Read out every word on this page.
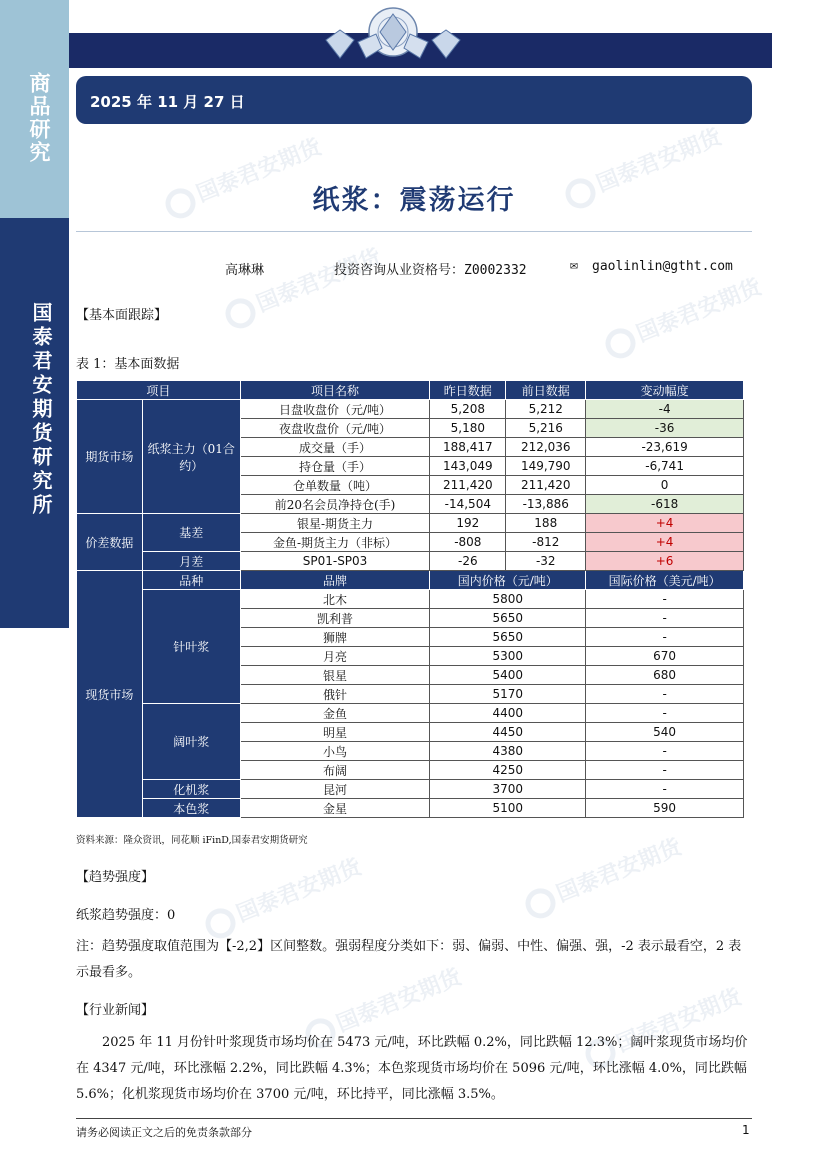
商品研究
国泰君安期货研究所
2025 年 11 月 27 日
国泰君安期货	国泰君安期货
国泰君安期货	国泰君安期货
国泰君安期货	国泰君安期货
国泰君安期货	国泰君安期货
纸浆：震荡运行
高琳琳	投资咨询从业资格号：Z0002332	✉ gaolinlin@gtht.com
【基本面跟踪】
表 1：基本面数据
项目		项目名称	昨日数据	前日数据	变动幅度
期货市场	纸浆主力（01合约）	日盘收盘价（元/吨）	5,208	5,212	-4
		夜盘收盘价（元/吨）	5,180	5,216	-36
		成交量（手）	188,417	212,036	-23,619
		持仓量（手）	143,049	149,790	-6,741
		仓单数量（吨）	211,420	211,420	0
		前20名会员净持仓(手)	-14,504	-13,886	-618
价差数据	基差	银星-期货主力	192	188	+4
		金鱼-期货主力（非标）	-808	-812	+4
	月差	SP01-SP03	-26	-32	+6
现货市场	品种	品牌	国内价格（元/吨）		国际价格（美元/吨）
	针叶浆	北木	5800		-
		凯利普	5650		-
		狮牌	5650		-
		月亮	5300		670
		银星	5400		680
		俄针	5170		-
	阔叶浆	金鱼	4400		-
		明星	4450		540
		小鸟	4380		-
		布阔	4250		-
	化机浆	昆河	3700		-
	本色浆	金星	5100		590
资料来源：隆众资讯，同花顺 iFinD,国泰君安期货研究
【趋势强度】
纸浆趋势强度：0
注：趋势强度取值范围为【-2,2】区间整数。强弱程度分类如下：弱、偏弱、中性、偏强、强，-2 表示最看空，2 表示最看多。
【行业新闻】
2025 年 11 月份针叶浆现货市场均价在 5473 元/吨，环比跌幅 0.2%，同比跌幅 12.3%；阔叶浆现货市场均价在 4347 元/吨，环比涨幅 2.2%，同比跌幅 4.3%；本色浆现货市场均价在 5096 元/吨，环比涨幅 4.0%，同比跌幅 5.6%；化机浆现货市场均价在 3700 元/吨，环比持平，同比涨幅 3.5%。
请务必阅读正文之后的免责条款部分	1
